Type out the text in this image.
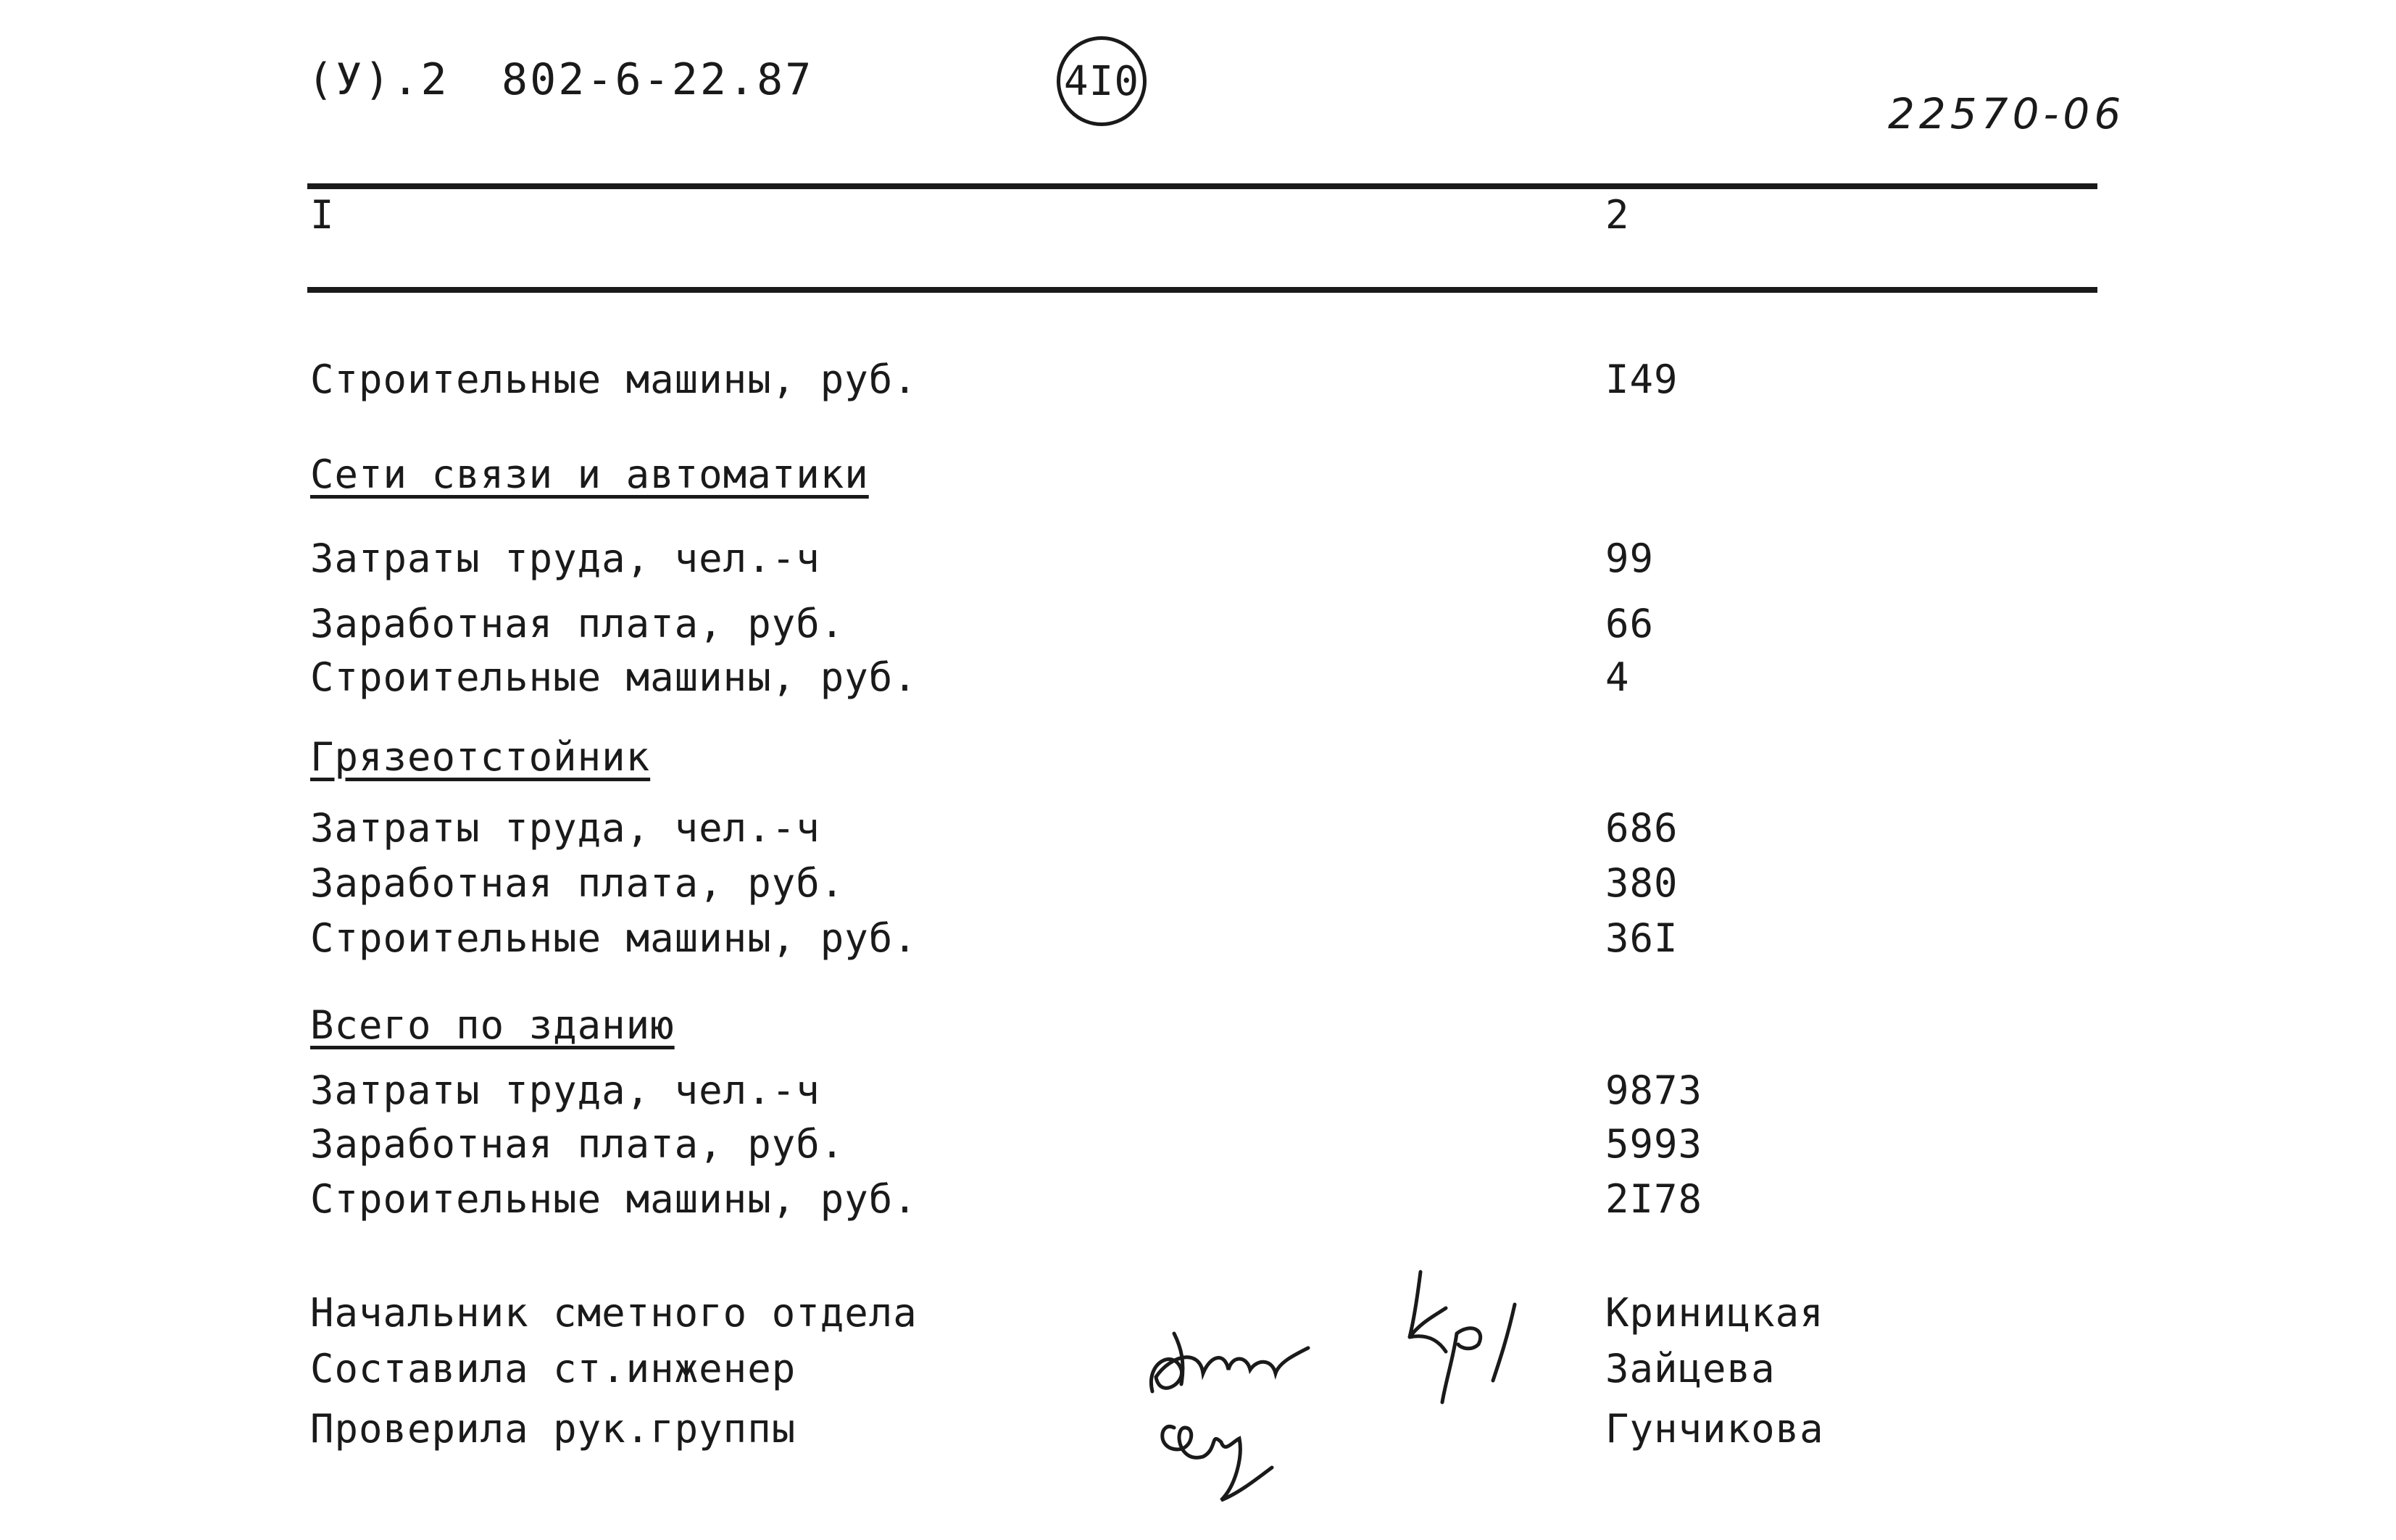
(У).2 802-6-22.87	4I0
22570-06
I	2
Строительные машины, руб.	I49
Сети связи и автоматики
Затраты труда, чел.-ч	99
Заработная плата, руб.	66
Строительные машины, руб.	4
Грязеотстойник
Затраты труда, чел.-ч	686
Заработная плата, руб.	380
Строительные машины, руб.	36I
Всего по зданию
Затраты труда, чел.-ч	9873
Заработная плата, руб.	5993
Строительные машины, руб.	2I78
Начальник сметного отдела	Криницкая
Составила ст.инженер	Зайцева
Проверила рук.группы	Гунчикова
